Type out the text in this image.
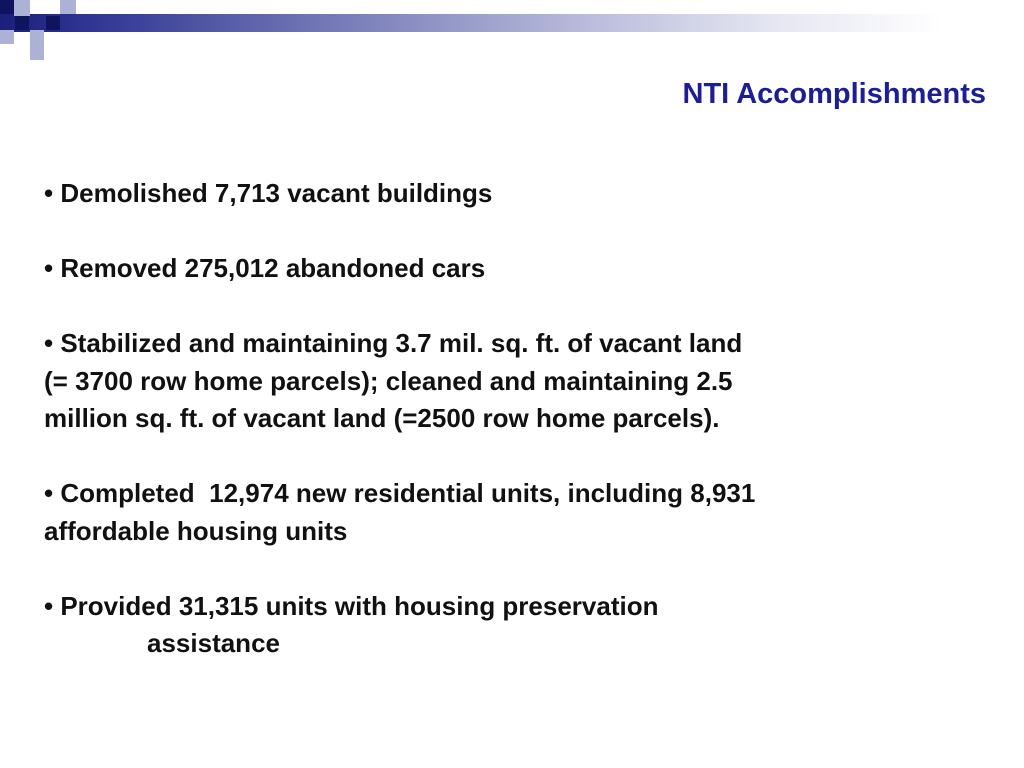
NTI Accomplishments
• Demolished 7,713 vacant buildings
• Removed 275,012 abandoned cars
• Stabilized and maintaining 3.7 mil. sq. ft. of vacant land
(= 3700 row home parcels); cleaned and maintaining 2.5
million sq. ft. of vacant land (=2500 row home parcels).
• Completed  12,974 new residential units, including 8,931
affordable housing units
• Provided 31,315 units with housing preservation
assistance
